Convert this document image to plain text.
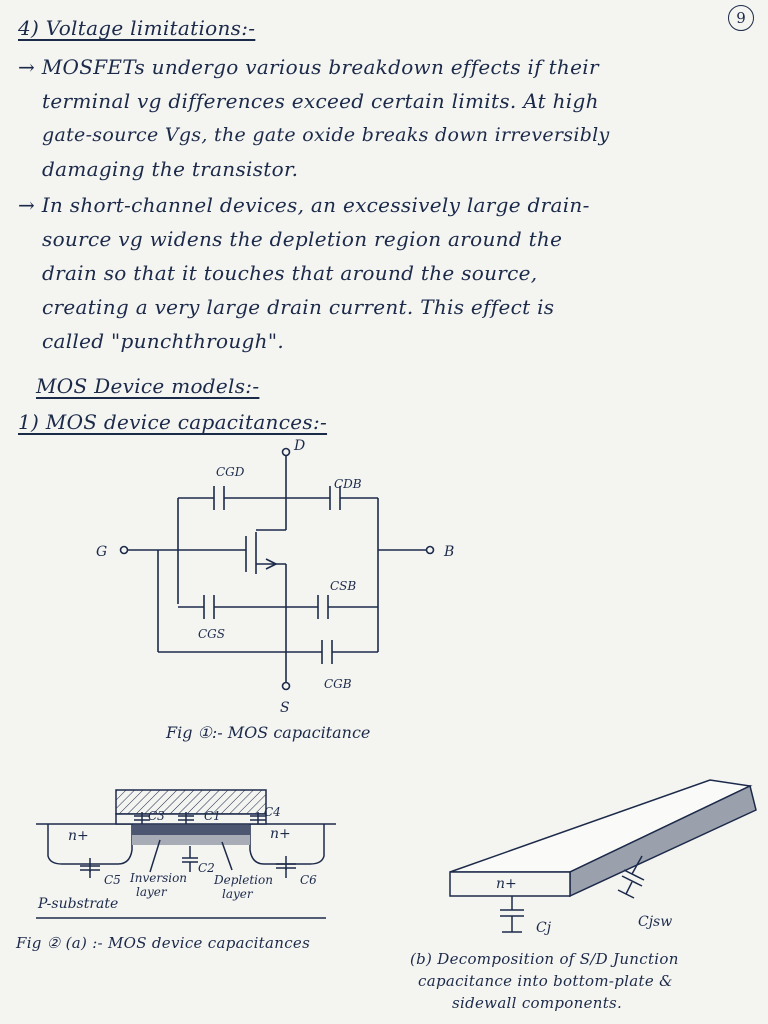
9
4) Voltage limitations:-
→ MOSFETs undergo various breakdown effects if their
terminal vg differences exceed certain limits. At high
gate-source Vgs, the gate oxide breaks down irreversibly
damaging the transistor.
→ In short-channel devices, an excessively large drain-
source vg widens the depletion region around the
drain so that it touches that around the source,
creating a very large drain current. This effect is
called "punchthrough".
MOS Device models:-
1) MOS device capacitances:-
D
G	B
S
CGD
CDB
CSB
CGS
CGB
Fig ①:- MOS capacitance
n+	n+
C3	C1	C4
C5
C2
C6
Inversion
layer
Depletion
layer
P-substrate
n+
Cj	Cjsw
Fig ② (a) :- MOS device capacitances
(b) Decomposition of S/D Junction
capacitance into bottom-plate &
sidewall components.
